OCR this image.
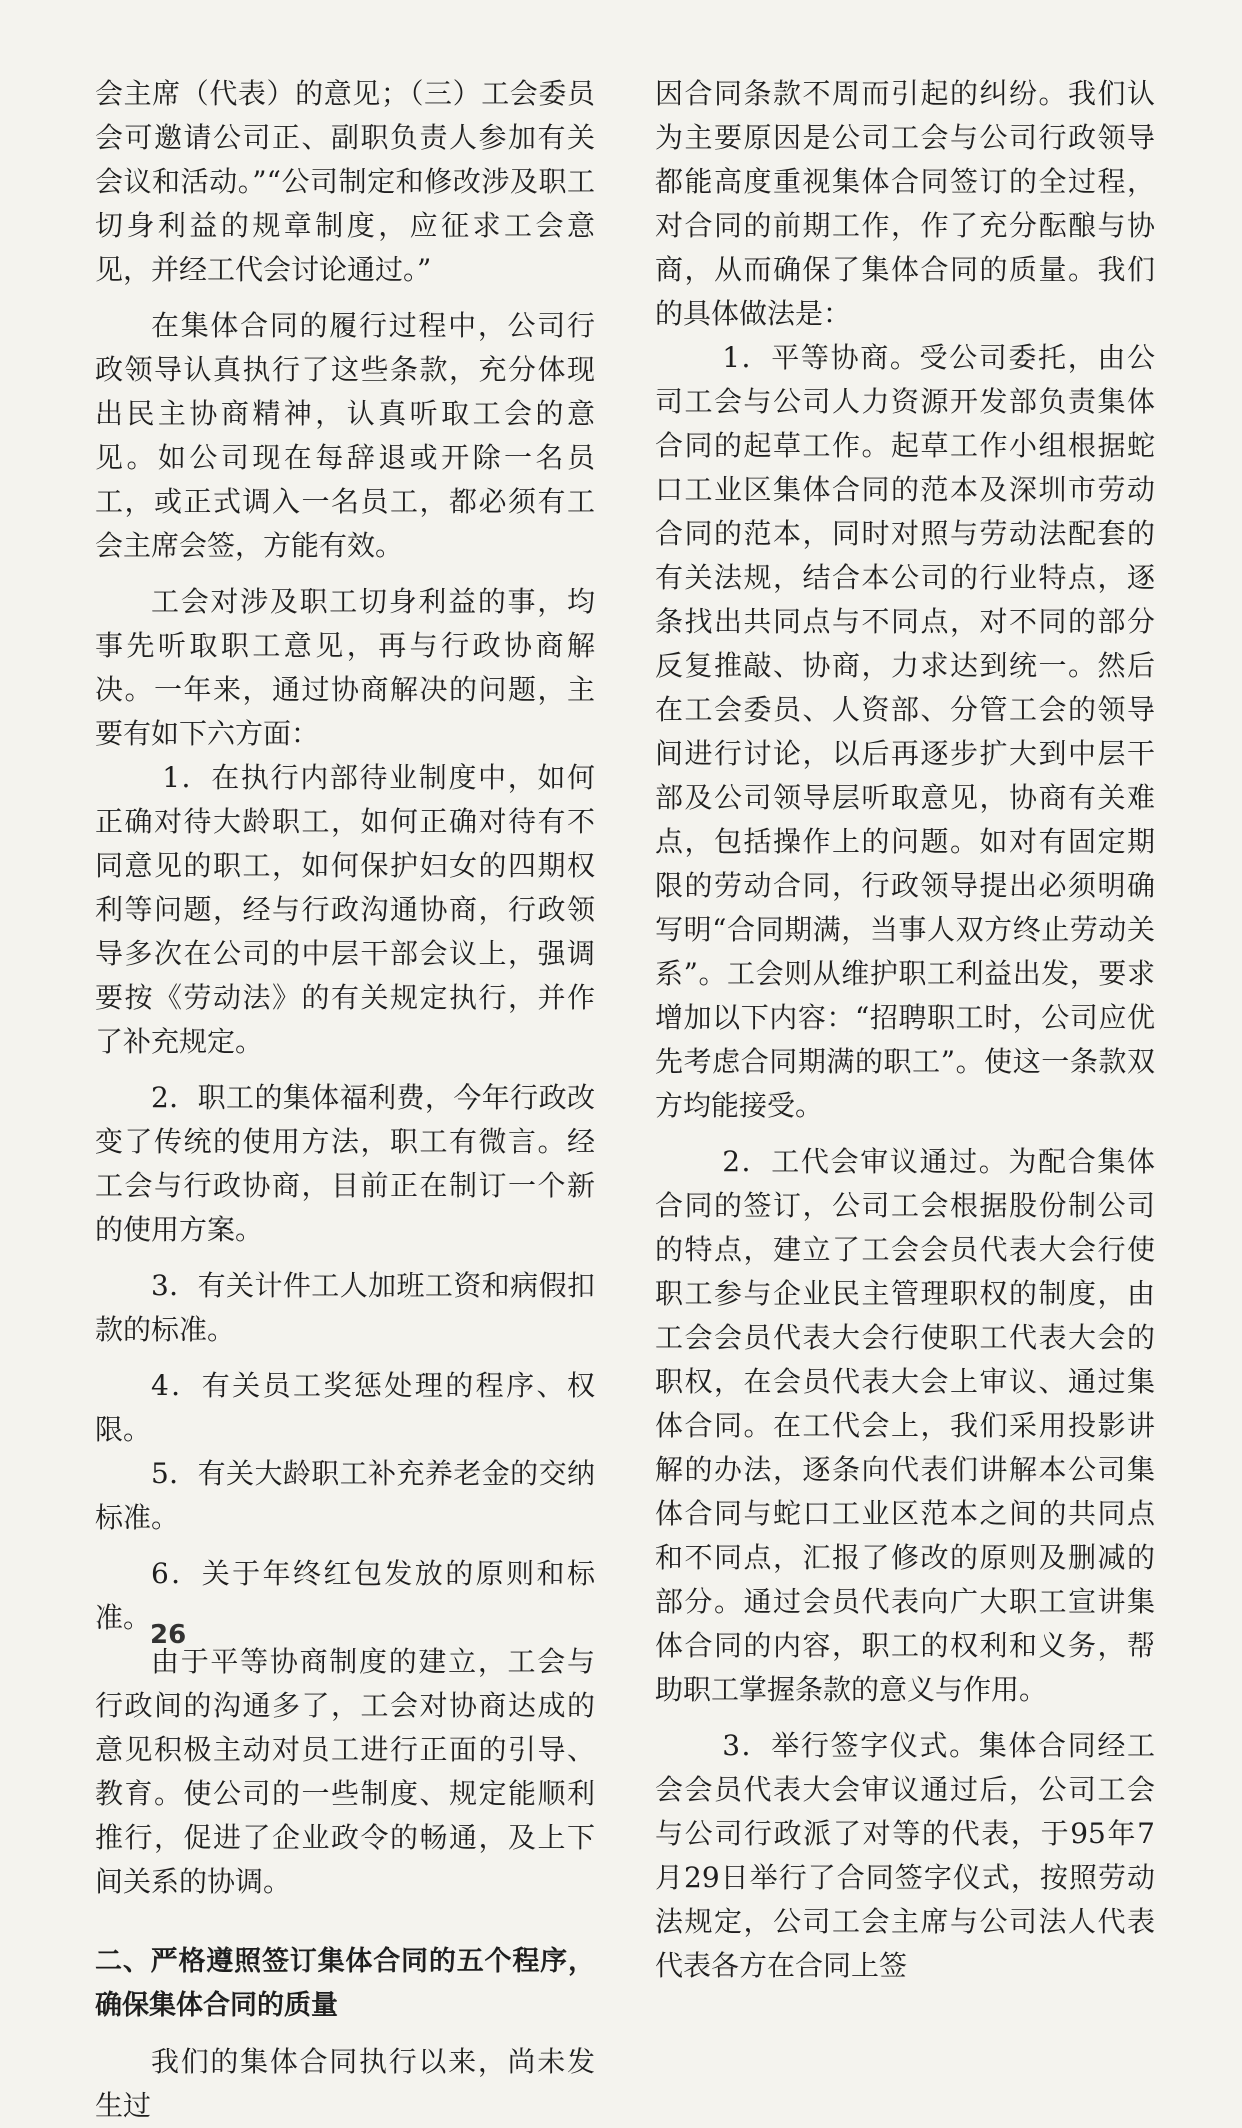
会主席（代表）的意见；（三）工会委员会可邀请公司正、副职负责人参加有关会议和活动。”“公司制定和修改涉及职工切身利益的规章制度，应征求工会意见，并经工代会讨论通过。”

在集体合同的履行过程中，公司行政领导认真执行了这些条款，充分体现出民主协商精神，认真听取工会的意见。如公司现在每辞退或开除一名员工，或正式调入一名员工，都必须有工会主席会签，方能有效。

工会对涉及职工切身利益的事，均事先听取职工意见，再与行政协商解决。一年来，通过协商解决的问题，主要有如下六方面：

1．在执行内部待业制度中，如何正确对待大龄职工，如何正确对待有不同意见的职工，如何保护妇女的四期权利等问题，经与行政沟通协商，行政领导多次在公司的中层干部会议上，强调要按《劳动法》的有关规定执行，并作了补充规定。

2．职工的集体福利费，今年行政改变了传统的使用方法，职工有微言。经工会与行政协商，目前正在制订一个新的使用方案。

3．有关计件工人加班工资和病假扣款的标准。

4．有关员工奖惩处理的程序、权限。

5．有关大龄职工补充养老金的交纳标准。

6．关于年终红包发放的原则和标准。

由于平等协商制度的建立，工会与行政间的沟通多了，工会对协商达成的意见积极主动对员工进行正面的引导、教育。使公司的一些制度、规定能顺利推行，促进了企业政令的畅通，及上下间关系的协调。

二、严格遵照签订集体合同的五个程序，确保集体合同的质量

我们的集体合同执行以来，尚未发生过

因合同条款不周而引起的纠纷。我们认为主要原因是公司工会与公司行政领导都能高度重视集体合同签订的全过程，对合同的前期工作，作了充分酝酿与协商，从而确保了集体合同的质量。我们的具体做法是：

1．平等协商。受公司委托，由公司工会与公司人力资源开发部负责集体合同的起草工作。起草工作小组根据蛇口工业区集体合同的范本及深圳市劳动合同的范本，同时对照与劳动法配套的有关法规，结合本公司的行业特点，逐条找出共同点与不同点，对不同的部分反复推敲、协商，力求达到统一。然后在工会委员、人资部、分管工会的领导间进行讨论，以后再逐步扩大到中层干部及公司领导层听取意见，协商有关难点，包括操作上的问题。如对有固定期限的劳动合同，行政领导提出必须明确写明“合同期满，当事人双方终止劳动关系”。工会则从维护职工利益出发，要求增加以下内容：“招聘职工时，公司应优先考虑合同期满的职工”。使这一条款双方均能接受。

2．工代会审议通过。为配合集体合同的签订，公司工会根据股份制公司的特点，建立了工会会员代表大会行使职工参与企业民主管理职权的制度，由工会会员代表大会行使职工代表大会的职权，在会员代表大会上审议、通过集体合同。在工代会上，我们采用投影讲解的办法，逐条向代表们讲解本公司集体合同与蛇口工业区范本之间的共同点和不同点，汇报了修改的原则及删减的部分。通过会员代表向广大职工宣讲集体合同的内容，职工的权利和义务，帮助职工掌握条款的意义与作用。

3．举行签字仪式。集体合同经工会会员代表大会审议通过后，公司工会与公司行政派了对等的代表，于95年7月29日举行了合同签字仪式，按照劳动法规定，公司工会主席与公司法人代表代表各方在合同上签

26
